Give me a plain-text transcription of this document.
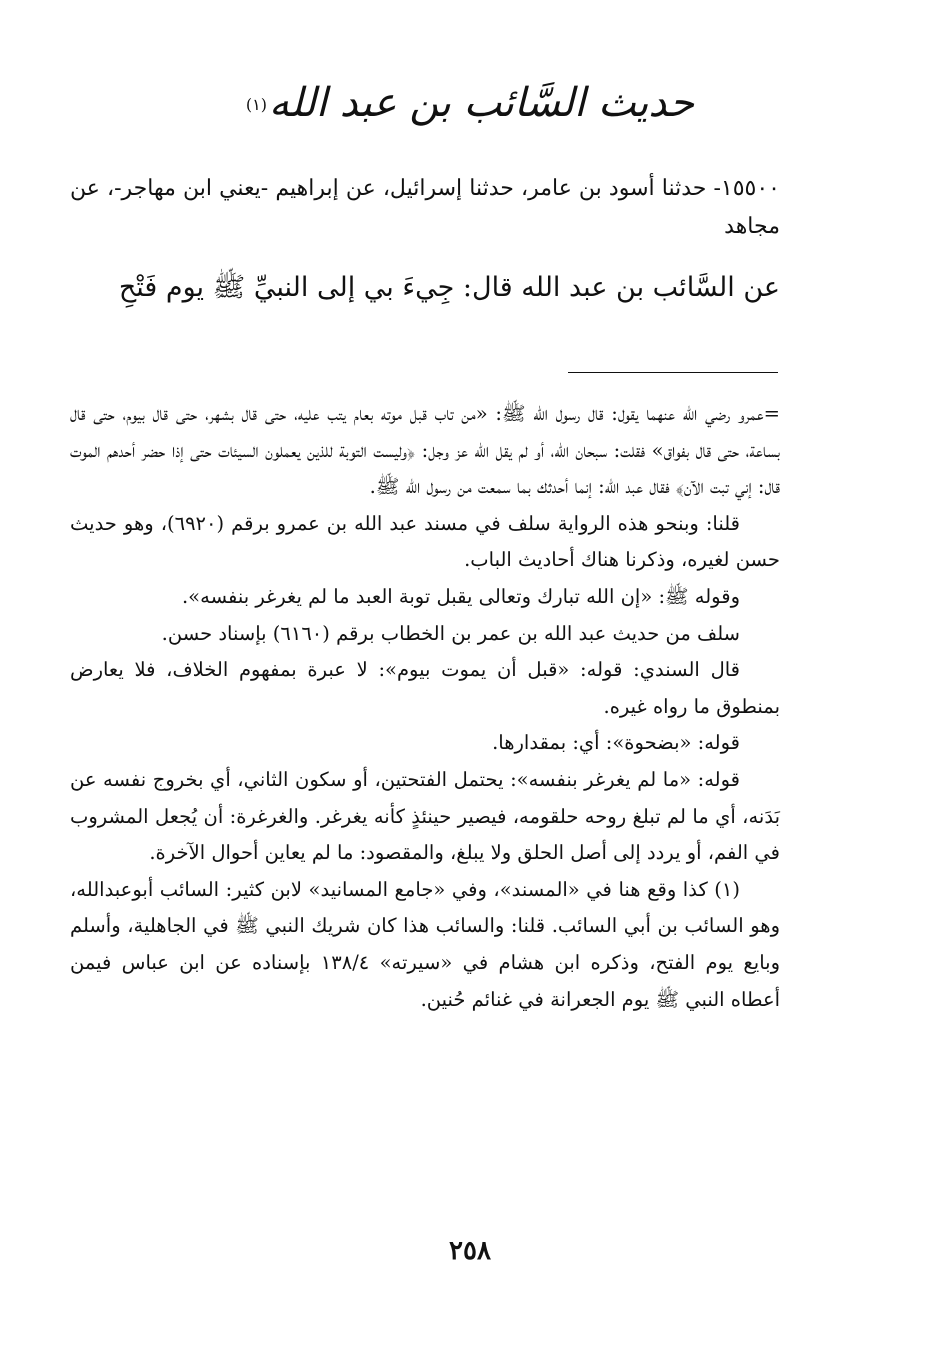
حديث السَّائب بن عبد الله(١)

١٥٥٠٠- حدثنا أسود بن عامر، حدثنا إسرائيل، عن إبراهيم -يعني ابن مهاجر-، عن مجاهد

عن السَّائب بن عبد الله قال: جِيءَ بي إلى النبيِّ ﷺ يوم فَتْحِ

=عمرو رضي الله عنهما يقول: قال رسول الله ﷺ: «من تاب قبل موته بعام يتب عليه، حتى قال بشهر، حتى قال بيوم، حتى قال بساعة، حتى قال بفواق» فقلت: سبحان الله، أو لم يقل الله عز وجل: ﴿وليست التوبة للذين يعملون السيئات حتى إذا حضر أحدهم الموت قال: إني تبت الآن﴾ فقال عبد الله: إنما أحدثك بما سمعت من رسول الله ﷺ.

قلنا: وبنحو هذه الرواية سلف في مسند عبد الله بن عمرو برقم (٦٩٢٠)، وهو حديث حسن لغيره، وذكرنا هناك أحاديث الباب.

وقوله ﷺ: «إن الله تبارك وتعالى يقبل توبة العبد ما لم يغرغر بنفسه».

سلف من حديث عبد الله بن عمر بن الخطاب برقم (٦١٦٠) بإسناد حسن.

قال السندي: قوله: «قبل أن يموت بيوم»: لا عبرة بمفهوم الخلاف، فلا يعارض بمنطوق ما رواه غيره.

قوله: «بضحوة»: أي: بمقدارها.

قوله: «ما لم يغرغر بنفسه»: يحتمل الفتحتين، أو سكون الثاني، أي بخروج نفسه عن بَدَنه، أي ما لم تبلغ روحه حلقومه، فيصير حينئذٍ كأنه يغرغر. والغرغرة: أن يُجعل المشروب في الفم، أو يردد إلى أصل الحلق ولا يبلغ، والمقصود: ما لم يعاين أحوال الآخرة.

(١) كذا وقع هنا في «المسند»، وفي «جامع المسانيد» لابن كثير: السائب أبوعبدالله، وهو السائب بن أبي السائب. قلنا: والسائب هذا كان شريك النبي ﷺ في الجاهلية، وأسلم وبايع يوم الفتح، وذكره ابن هشام في «سيرته» ١٣٨/٤ بإسناده عن ابن عباس فيمن أعطاه النبي ﷺ يوم الجعرانة في غنائم حُنين.

٢٥٨
